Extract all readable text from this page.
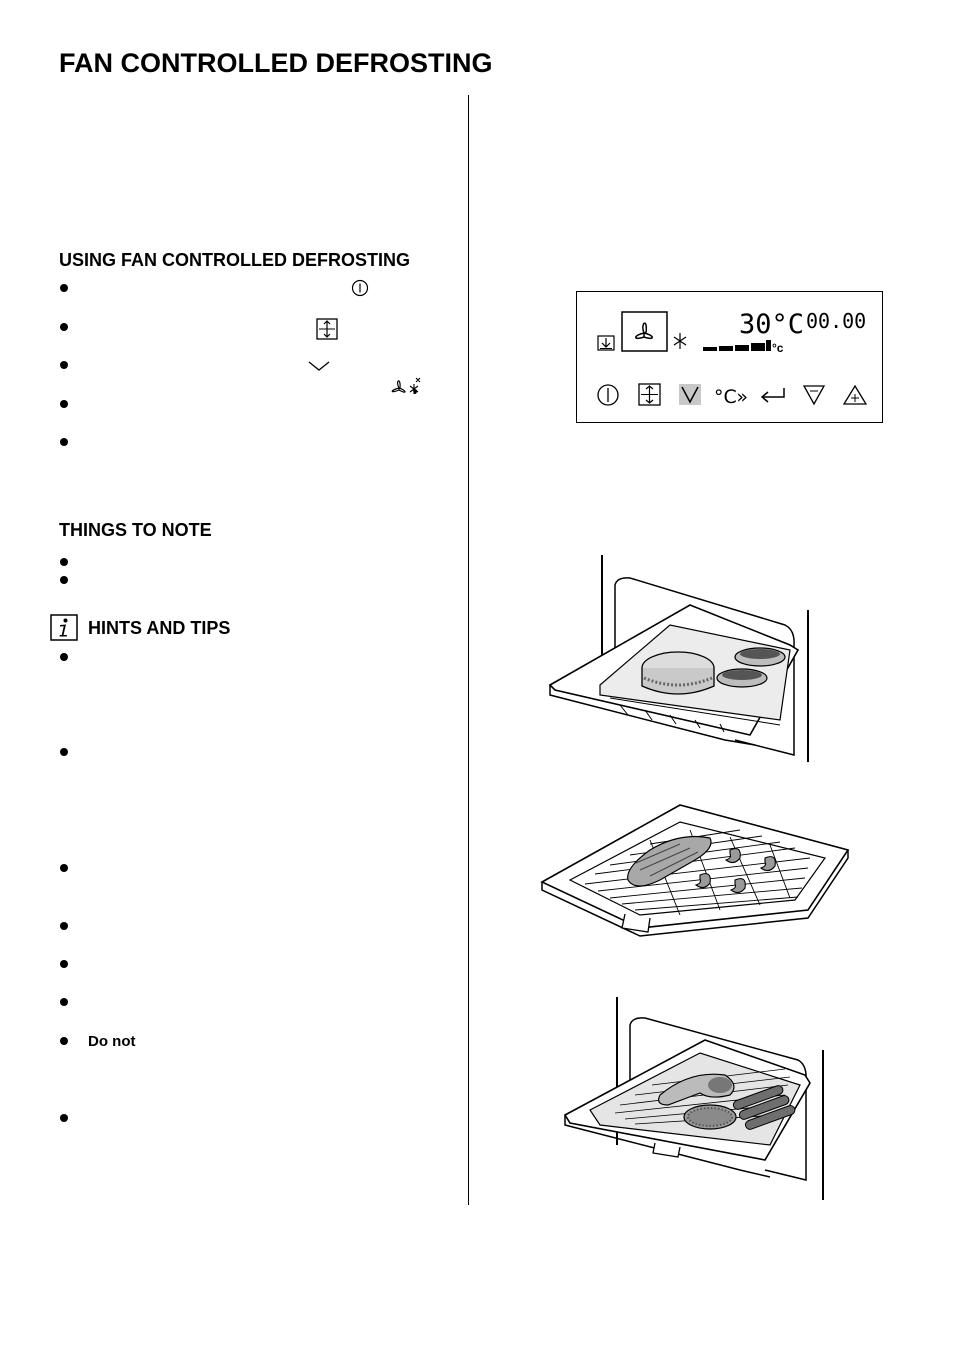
FAN CONTROLLED DEFROSTING
USING FAN CONTROLLED DEFROSTING
THINGS TO NOTE
HINTS AND TIPS
Do not
°c
30°C 00.00
°C»
